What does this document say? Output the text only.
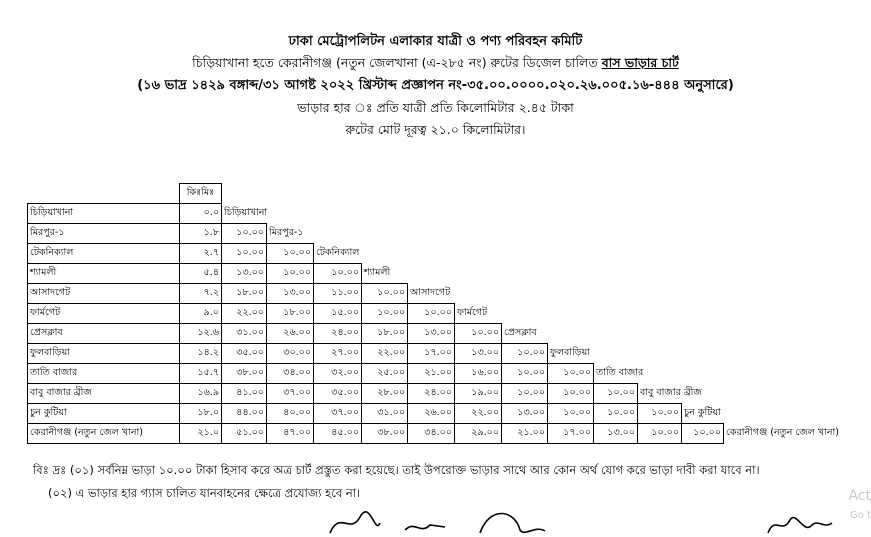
ঢাকা মেট্রোপলিটন এলাকার যাত্রী ও পণ্য পরিবহন কমিটি
চিড়িয়াখানা হতে কেরানীগঞ্জ (নতুন জেলখানা (এ-২৮৫ নং) রুটের ডিজেল চালিত বাস ভাড়ার চার্ট
(১৬ ভাদ্র ১৪২৯ বঙ্গাব্দ/৩১ আগষ্ট ২০২২ খ্রিস্টাব্দ প্রজ্ঞাপন নং-৩৫.০০.০০০০.০২০.২৬.০০৫.১৬-৪৪৪ অনুসারে)
ভাড়ার হার ঃ প্রতি যাত্রী প্রতি কিলোমিটার ২.৪৫ টাকা
রুটের মোট দূরত্ব ২১.০ কিলোমিটার।
	কিঃমিঃ												
চিড়িয়াখানা	০.০	চিড়িয়াখানা											
মিরপুর-১	১.৮	১০.০০	মিরপুর-১										
টেকনিক্যাল	২.৭	১০.০০	১০.০০	টেকনিক্যাল									
শ্যামলী	৫.৪	১৩.০০	১০.০০	১০.০০	শ্যামলী								
আসাদগেট	৭.২	১৮.০০	১৩.০০	১১.০০	১০.০০	আসাদগেট							
ফার্মগেট	৯.০	২২.০০	১৮.০০	১৫.০০	১০.০০	১০.০০	ফার্মগেট						
প্রেসক্লাব	১২.৬	৩১.০০	২৬.০০	২৪.০০	১৮.০০	১৩.০০	১০.০০	প্রেসক্লাব					
ফুলবাড়িয়া	১৪.২	৩৫.০০	৩০.০০	২৭.০০	২২.০০	১৭.০০	১৩.০০	১০.০০	ফুলবাড়িয়া				
তাতি বাজার	১৫.৭	৩৮.০০	৩৪.০০	৩২.০০	২৫.০০	২১.০০	১৬.০০	১০.০০	১০.০০	তাতি বাজার			
বাবু বাজার ব্রীজ	১৬.৯	৪১.০০	৩৭.০০	৩৫.০০	২৮.০০	২৪.০০	১৯.০০	১০.০০	১০.০০	১০.০০	বাবু বাজার ব্রীজ		
চুন কুটিয়া	১৮.০	৪৪.০০	৪০.০০	৩৭.০০	৩১.০০	২৬.০০	২২.০০	১৩.০০	১০.০০	১০.০০	১০.০০	চুন কুটিয়া	
কেরানীগঞ্জ (নতুন জেল খানা)	২১.০	৫১.০০	৪৭.০০	৪৫.০০	৩৮.০০	৩৪.০০	২৯.০০	২১.০০	১৭.০০	১৩.০০	১০.০০	১০.০০	কেরানীগঞ্জ (নতুন জেল খানা)
বিঃ দ্রঃ (০১) সর্বনিম্ন ভাড়া ১০.০০ টাকা হিসাব করে অত্র চার্ট প্রস্তুত করা হয়েছে। তাই উপরোক্ত ভাড়ার সাথে আর কোন অর্থ যোগ করে ভাড়া দাবী করা যাবে না।
(০২) এ ভাড়ার হার গ্যাস চালিত যানবাহনের ক্ষেত্রে প্রযোজ্য হবে না।	Act
Go t
